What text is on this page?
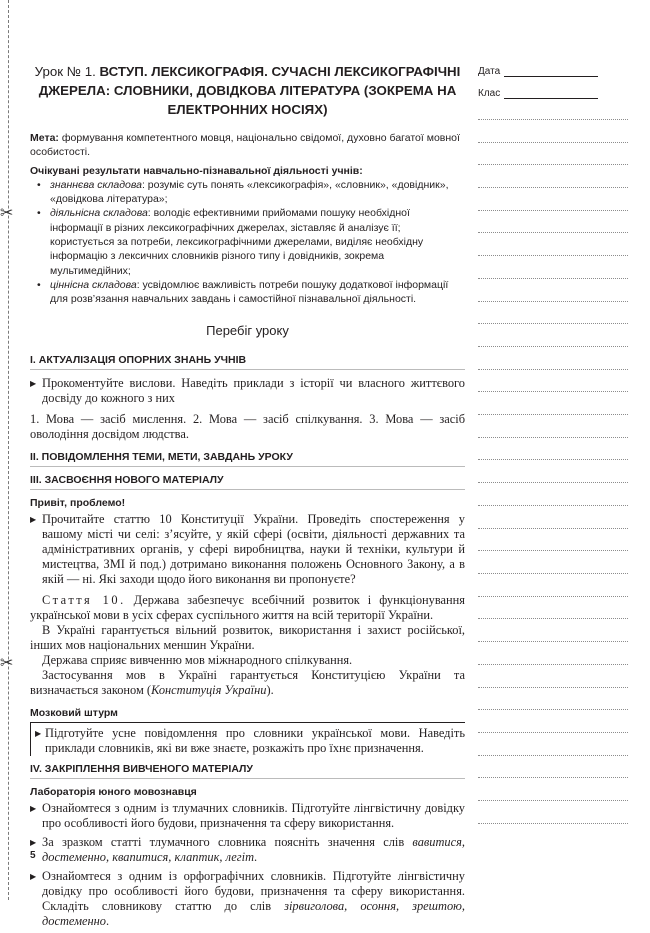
✂
✂
Урок № 1. ВСТУП. ЛЕКСИКОГРАФІЯ. СУЧАСНІ ЛЕКСИКОГРАФІЧНІ ДЖЕРЕЛА: СЛОВНИКИ, ДОВІДКОВА ЛІТЕРАТУРА (ЗОКРЕМА НА ЕЛЕКТРОННИХ НОСІЯХ)

Мета: формування компетентного мовця, національно свідомої, духовно багатої мовної особистості.

Очікувані результати навчально-пізнавальної діяльності учнів:

• знаннєва складова: розуміє суть понять «лексикографія», «словник», «довідник», «довідкова література»;

• діяльнісна складова: володіє ефективними прийомами пошуку необхідної інформації в різних лексикографічних джерелах, зіставляє й аналізує її; користується за потреби, лексикографічними джерелами, виділяє необхідну інформацію з лексичних словників різного типу і довідників, зокрема мультимедійних;

• ціннісна складова: усвідомлює важливість потреби пошуку додаткової інформації для розв’язання навчальних завдань і самостійної пізнавальної діяльності.

Перебіг уроку
І. АКТУАЛІЗАЦІЯ ОПОРНИХ ЗНАНЬ УЧНІВ

▶ Прокоментуйте вислови. Наведіть приклади з історії чи власного життєвого досвіду до кожного з них

1. Мова — засіб мислення. 2. Мова — засіб спілкування. 3. Мова — засіб оволодіння досвідом людства.

ІІ. ПОВІДОМЛЕННЯ ТЕМИ, МЕТИ, ЗАВДАНЬ УРОКУ
ІІІ. ЗАСВОЄННЯ НОВОГО МАТЕРІАЛУ
Привіт, проблемо!

▶ Прочитайте статтю 10 Конституції України. Проведіть спостереження у вашому місті чи селі: з’ясуйте, у якій сфері (освіти, діяльності державних та адміністративних органів, у сфері виробництва, науки й техніки, культури й мистецтва, ЗМІ й под.) дотримано виконання положень Основного Закону, а в якій — ні. Які заходи щодо його виконання ви пропонуєте?

Стаття 10. Держава забезпечує всебічний розвиток і функціонування української мови в усіх сферах суспільного життя на всій території України.

В Україні гарантується вільний розвиток, використання і захист російської, інших мов національних меншин України.

Держава сприяє вивченню мов міжнародного спілкування.

Застосування мов в Україні гарантується Конституцією України та визначається законом (Конституція України).

Мозковий штурм
▶ Підготуйте усне повідомлення про словники української мови. Наведіть приклади словників, які ви вже знаєте, розкажіть про їхнє призначення.

ІV. ЗАКРІПЛЕННЯ ВИВЧЕНОГО МАТЕРІАЛУ
Лабораторія юного мовознавця

▶ Ознайомтеся з одним із тлумачних словників. Підготуйте лінгвістичну довідку про особливості його будови, призначення та сферу використання.

▶ За зразком статті тлумачного словника поясніть значення слів вавитися, достеменно, квапитися, клаптик, легіт.

▶ Ознайомтеся з одним із орфографічних словників. Підготуйте лінгвістичну довідку про особливості його будови, призначення та сферу використання. Складіть словникову статтю до слів зірвиголова, осоння, зрештою, достеменно.

Дата
Клас
5
